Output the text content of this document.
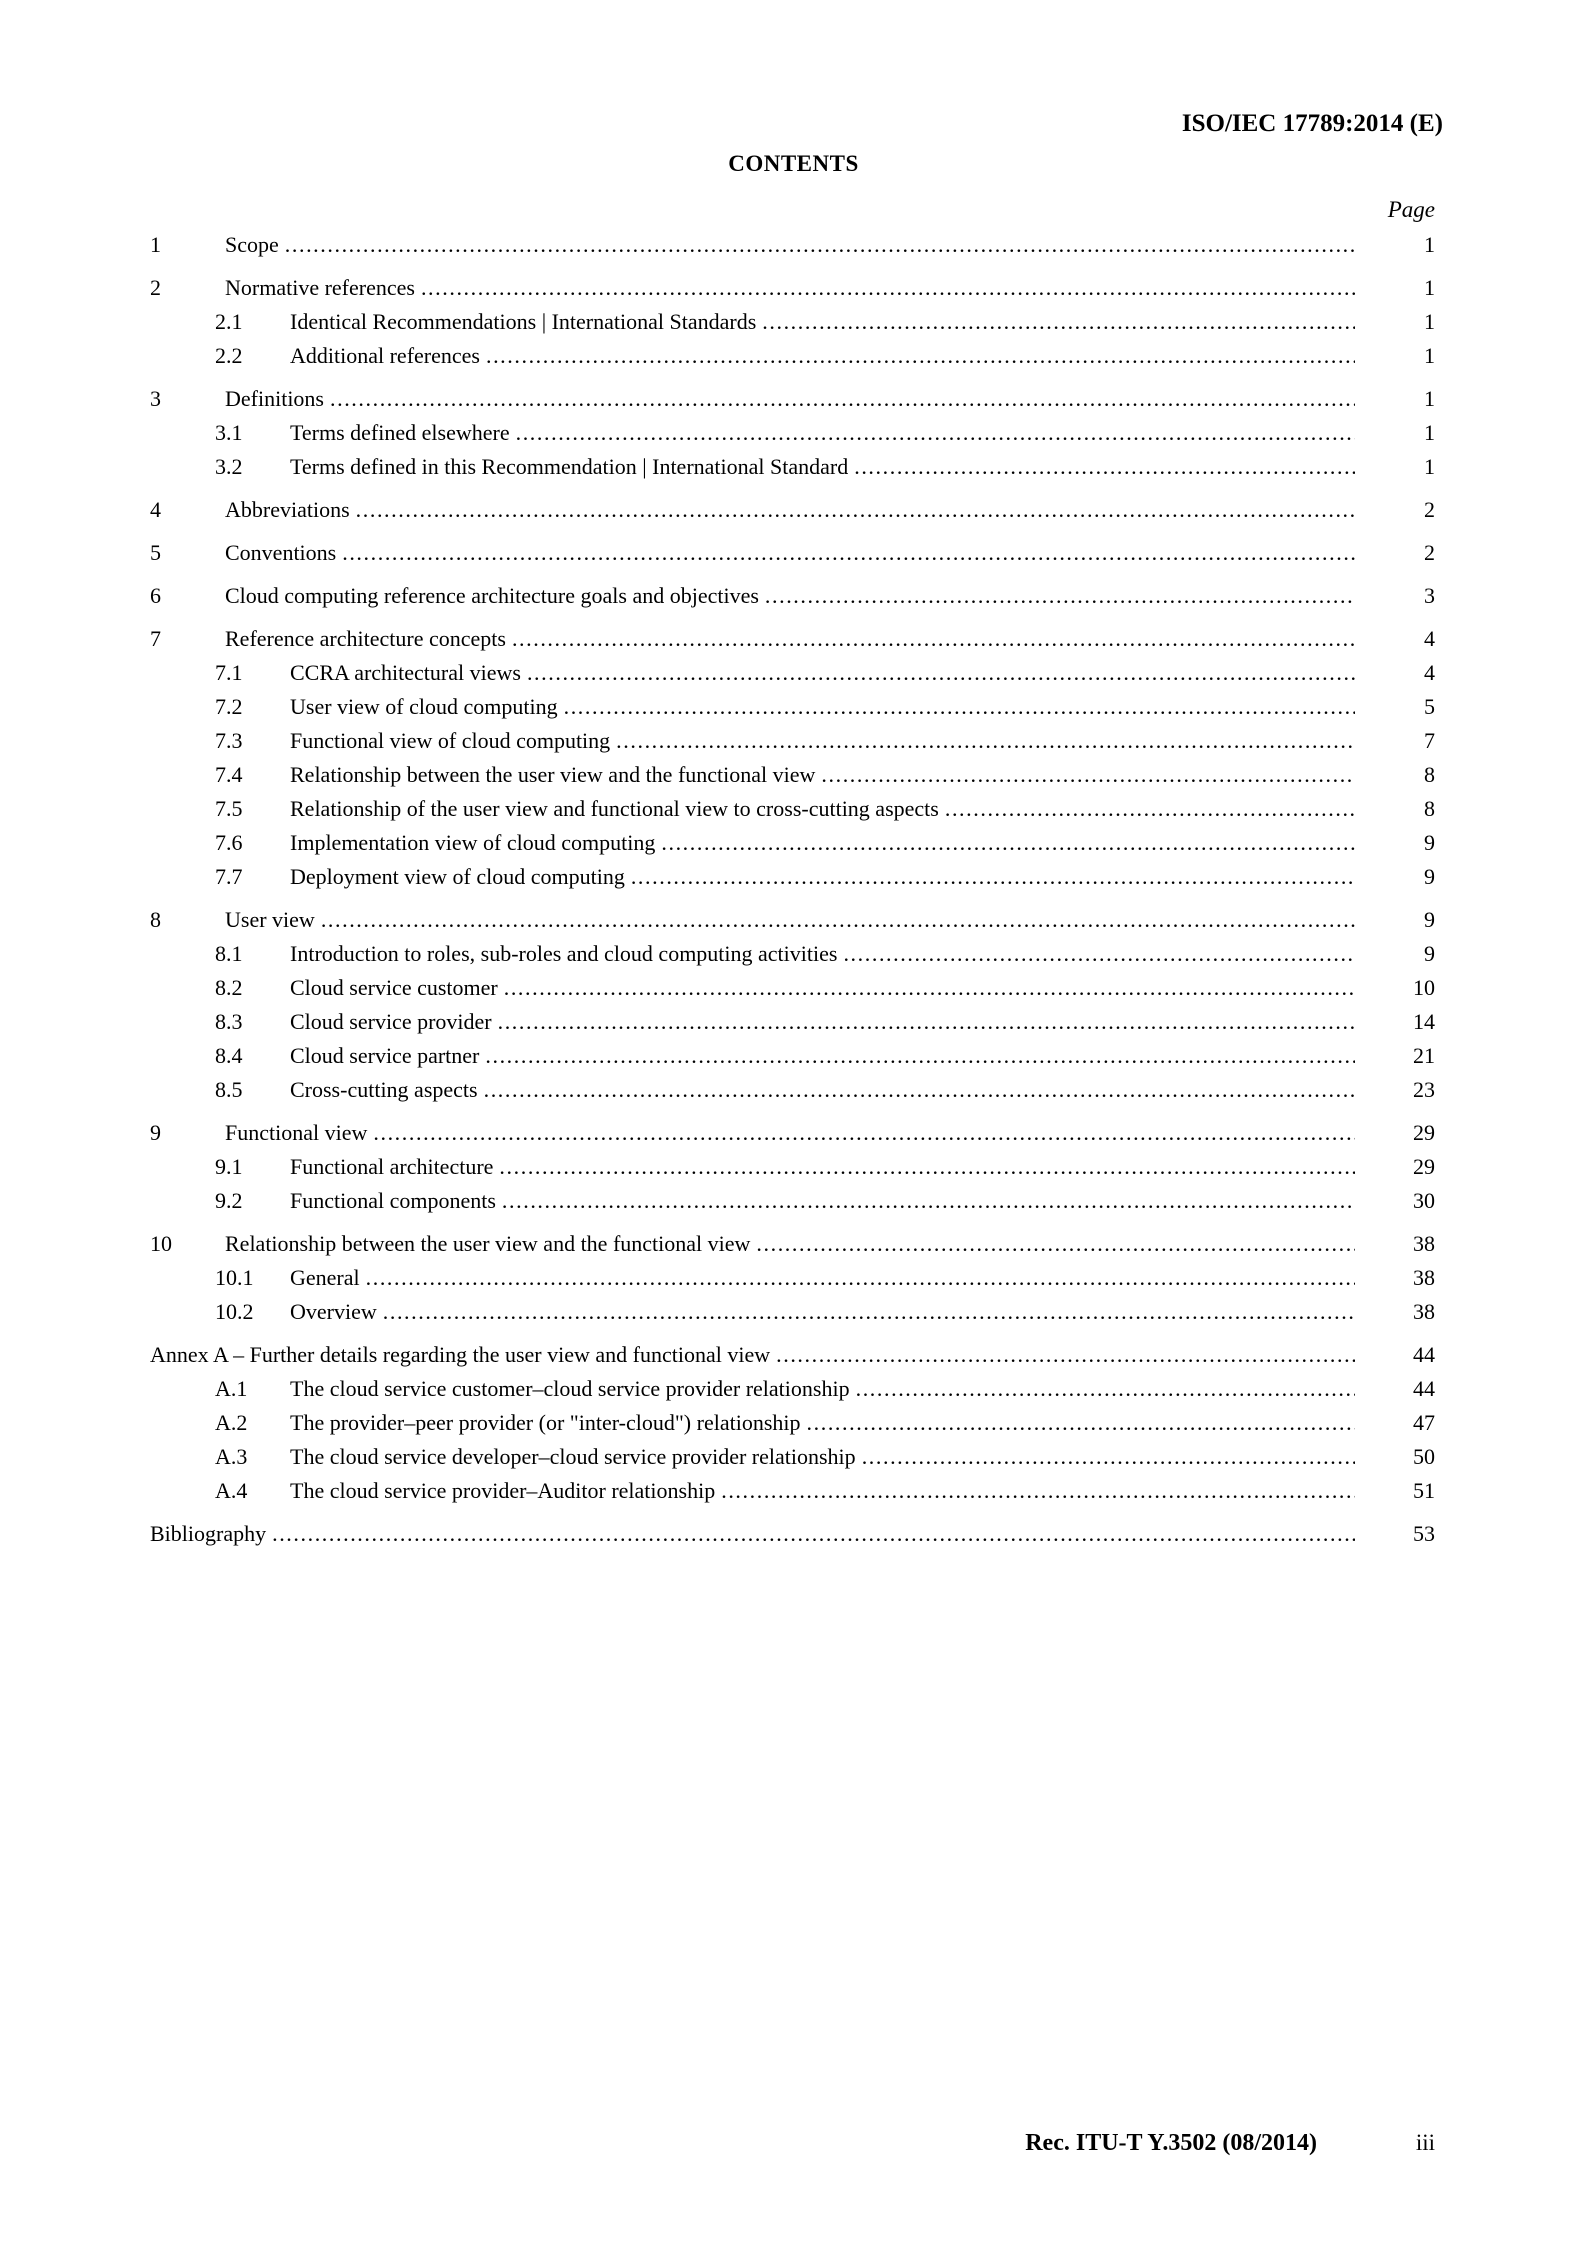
ISO/IEC 17789:2014 (E)
CONTENTS
Page
1	Scope .....	1
2	Normative references .....	1
2.1	Identical Recommendations | International Standards .....	1
2.2	Additional references .....	1
3	Definitions .....	1
3.1	Terms defined elsewhere .....	1
3.2	Terms defined in this Recommendation | International Standard .....	1
4	Abbreviations .....	2
5	Conventions .....	2
6	Cloud computing reference architecture goals and objectives .....	3
7	Reference architecture concepts .....	4
7.1	CCRA architectural views .....	4
7.2	User view of cloud computing .....	5
7.3	Functional view of cloud computing .....	7
7.4	Relationship between the user view and the functional view .....	8
7.5	Relationship of the user view and functional view to cross-cutting aspects .....	8
7.6	Implementation view of cloud computing .....	9
7.7	Deployment view of cloud computing .....	9
8	User view .....	9
8.1	Introduction to roles, sub-roles and cloud computing activities .....	9
8.2	Cloud service customer .....	10
8.3	Cloud service provider .....	14
8.4	Cloud service partner .....	21
8.5	Cross-cutting aspects .....	23
9	Functional view .....	29
9.1	Functional architecture .....	29
9.2	Functional components .....	30
10	Relationship between the user view and the functional view .....	38
10.1	General .....	38
10.2	Overview .....	38
Annex A – Further details regarding the user view and functional view .....	44
A.1	The cloud service customer–cloud service provider relationship .....	44
A.2	The provider–peer provider (or "inter-cloud") relationship .....	47
A.3	The cloud service developer–cloud service provider relationship .....	50
A.4	The cloud service provider–Auditor relationship .....	51
Bibliography .....	53
Rec. ITU-T Y.3502 (08/2014)	iii
